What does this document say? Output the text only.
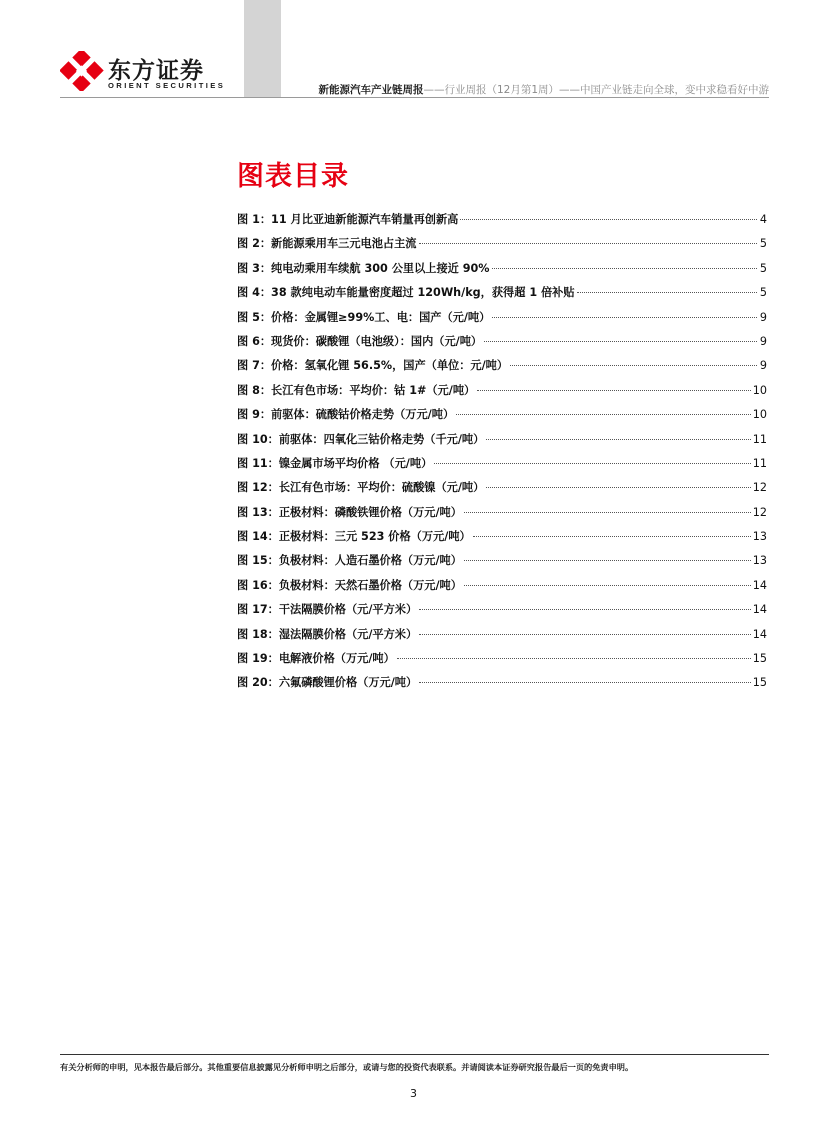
东方证券
ORIENT SECURITIES	新能源汽车产业链周报——行业周报（12月第1周）——中国产业链走向全球，变中求稳看好中游
图表目录
图 1：11 月比亚迪新能源汽车销量再创新高	4
图 2：新能源乘用车三元电池占主流	5
图 3：纯电动乘用车续航 300 公里以上接近 90%	5
图 4：38 款纯电动车能量密度超过 120Wh/kg，获得超 1 倍补贴	5
图 5：价格：金属锂≥99%工、电：国产（元/吨）	9
图 6：现货价：碳酸锂（电池级）：国内（元/吨）	9
图 7：价格：氢氧化锂 56.5%，国产（单位：元/吨）	9
图 8：长江有色市场：平均价：钴 1#（元/吨）	10
图 9：前驱体：硫酸钴价格走势（万元/吨）	10
图 10：前驱体：四氧化三钴价格走势（千元/吨）	11
图 11：镍金属市场平均价格 （元/吨）	11
图 12：长江有色市场：平均价：硫酸镍（元/吨）	12
图 13：正极材料：磷酸铁锂价格（万元/吨）	12
图 14：正极材料：三元 523 价格（万元/吨）	13
图 15：负极材料：人造石墨价格（万元/吨）	13
图 16：负极材料：天然石墨价格（万元/吨）	14
图 17：干法隔膜价格（元/平方米）	14
图 18：湿法隔膜价格（元/平方米）	14
图 19：电解液价格（万元/吨）	15
图 20：六氟磷酸锂价格（万元/吨）	15
有关分析师的申明，见本报告最后部分。其他重要信息披露见分析师申明之后部分，或请与您的投资代表联系。并请阅读本证券研究报告最后一页的免责申明。
3
